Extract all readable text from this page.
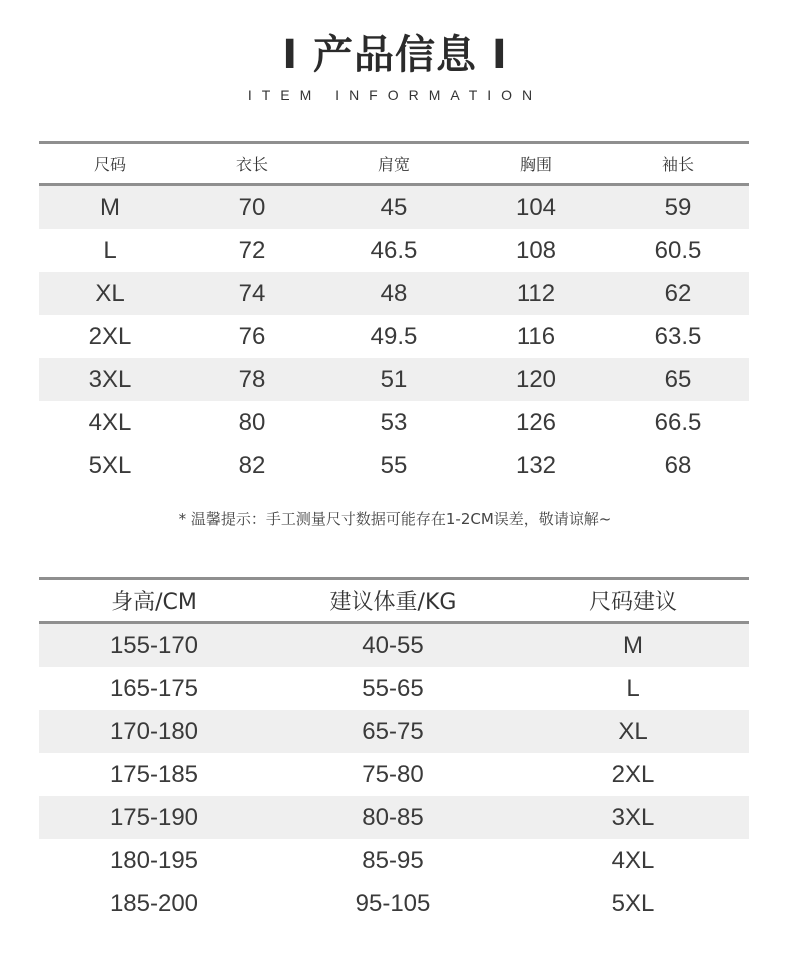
I 产品信息 I
ITEM INFORMATION
尺码	衣长	肩宽	胸围	袖长
M	70	45	104	59
L	72	46.5	108	60.5
XL	74	48	112	62
2XL	76	49.5	116	63.5
3XL	78	51	120	65
4XL	80	53	126	66.5
5XL	82	55	132	68
* 温馨提示：手工测量尺寸数据可能存在1-2CM误差，敬请谅解~
身高/CM	建议体重/KG	尺码建议
155-170	40-55	M
165-175	55-65	L
170-180	65-75	XL
175-185	75-80	2XL
175-190	80-85	3XL
180-195	85-95	4XL
185-200	95-105	5XL
